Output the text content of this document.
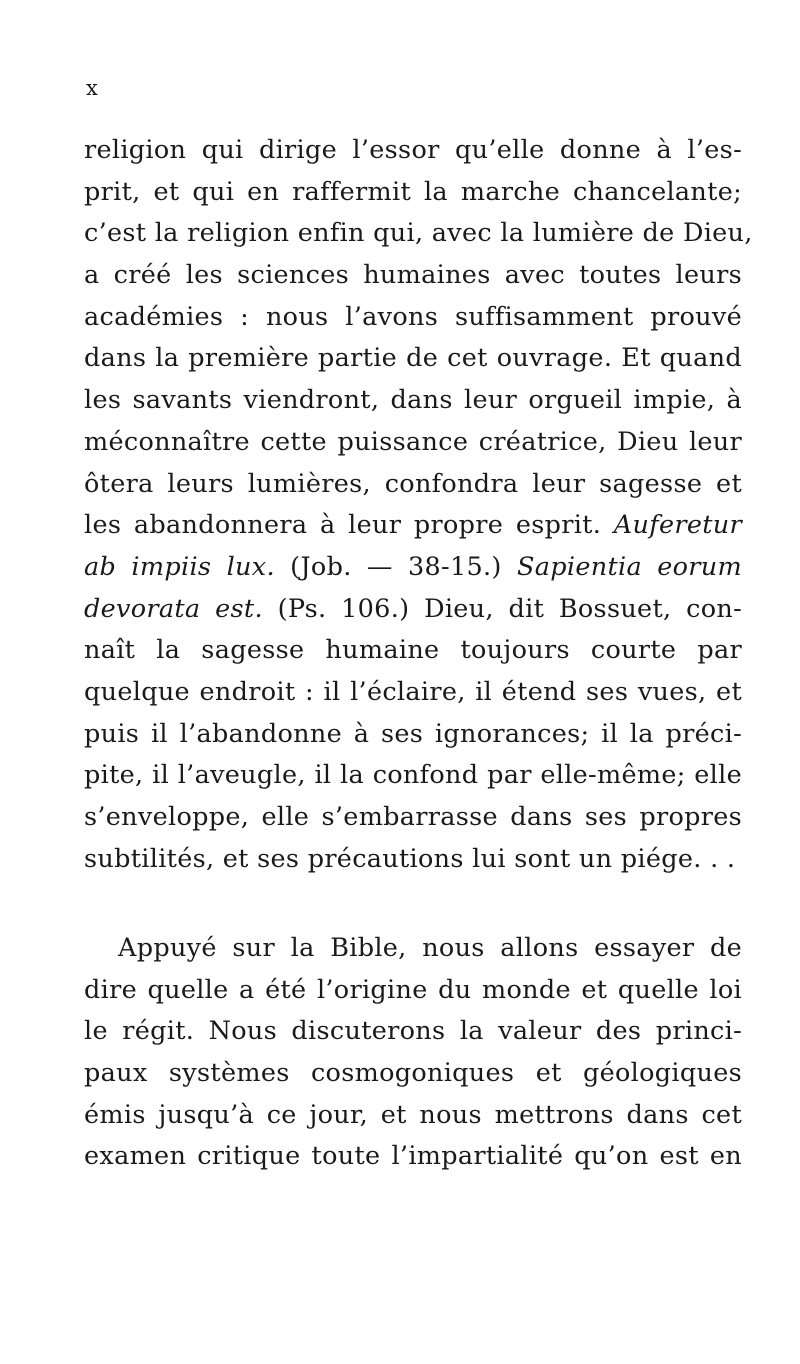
x
religion qui dirige l’essor qu’elle donne à l’es-
prit, et qui en raffermit la marche chancelante;
c’est la religion enfin qui, avec la lumière de Dieu,
a créé les sciences humaines avec toutes leurs
académies : nous l’avons suffisamment prouvé
dans la première partie de cet ouvrage. Et quand
les savants viendront, dans leur orgueil impie, à
méconnaître cette puissance créatrice, Dieu leur
ôtera leurs lumières, confondra leur sagesse et
les abandonnera à leur propre esprit. Auferetur
ab impiis lux. (Job. — 38-15.) Sapientia eorum
devorata est. (Ps. 106.) Dieu, dit Bossuet, con-
naît la sagesse humaine toujours courte par
quelque endroit : il l’éclaire, il étend ses vues, et
puis il l’abandonne à ses ignorances; il la préci-
pite, il l’aveugle, il la confond par elle-même; elle
s’enveloppe, elle s’embarrasse dans ses propres
subtilités, et ses précautions lui sont un piége. . .
Appuyé sur la Bible, nous allons essayer de
dire quelle a été l’origine du monde et quelle loi
le régit. Nous discuterons la valeur des princi-
paux systèmes cosmogoniques et géologiques
émis jusqu’à ce jour, et nous mettrons dans cet
examen critique toute l’impartialité qu’on est en
